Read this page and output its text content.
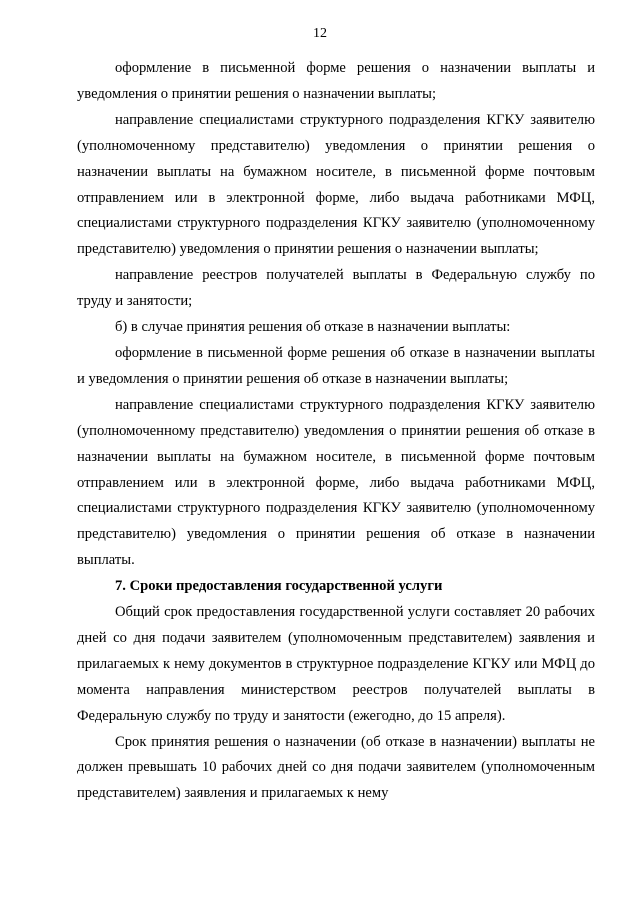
12

оформление в письменной форме решения о назначении выплаты и уведомления о принятии решения о назначении выплаты;

направление специалистами структурного подразделения КГКУ заявителю (уполномоченному представителю) уведомления о принятии решения о назначении выплаты на бумажном носителе, в письменной форме почтовым отправлением или в электронной форме, либо выдача работниками МФЦ, специалистами структурного подразделения КГКУ заявителю (уполномоченному представителю) уведомления о принятии решения о назначении выплаты;

направление реестров получателей выплаты в Федеральную службу по труду и занятости;

б) в случае принятия решения об отказе в назначении выплаты:

оформление в письменной форме решения об отказе в назначении выплаты и уведомления о принятии решения об отказе в назначении выплаты;

направление специалистами структурного подразделения КГКУ заявителю (уполномоченному представителю) уведомления о принятии решения об отказе в назначении выплаты на бумажном носителе, в письменной форме почтовым отправлением или в электронной форме, либо выдача работниками МФЦ, специалистами структурного подразделения КГКУ заявителю (уполномоченному представителю) уведомления о принятии решения об отказе в назначении выплаты.

7. Сроки предоставления государственной услуги

Общий срок предоставления государственной услуги составляет 20 рабочих дней со дня подачи заявителем (уполномоченным представителем) заявления и прилагаемых к нему документов в структурное подразделение КГКУ или МФЦ до момента направления министерством реестров получателей выплаты в Федеральную службу по труду и занятости (ежегодно, до 15 апреля).

Срок принятия решения о назначении (об отказе в назначении) выплаты не должен превышать 10 рабочих дней со дня подачи заявителем (уполномоченным представителем) заявления и прилагаемых к нему
